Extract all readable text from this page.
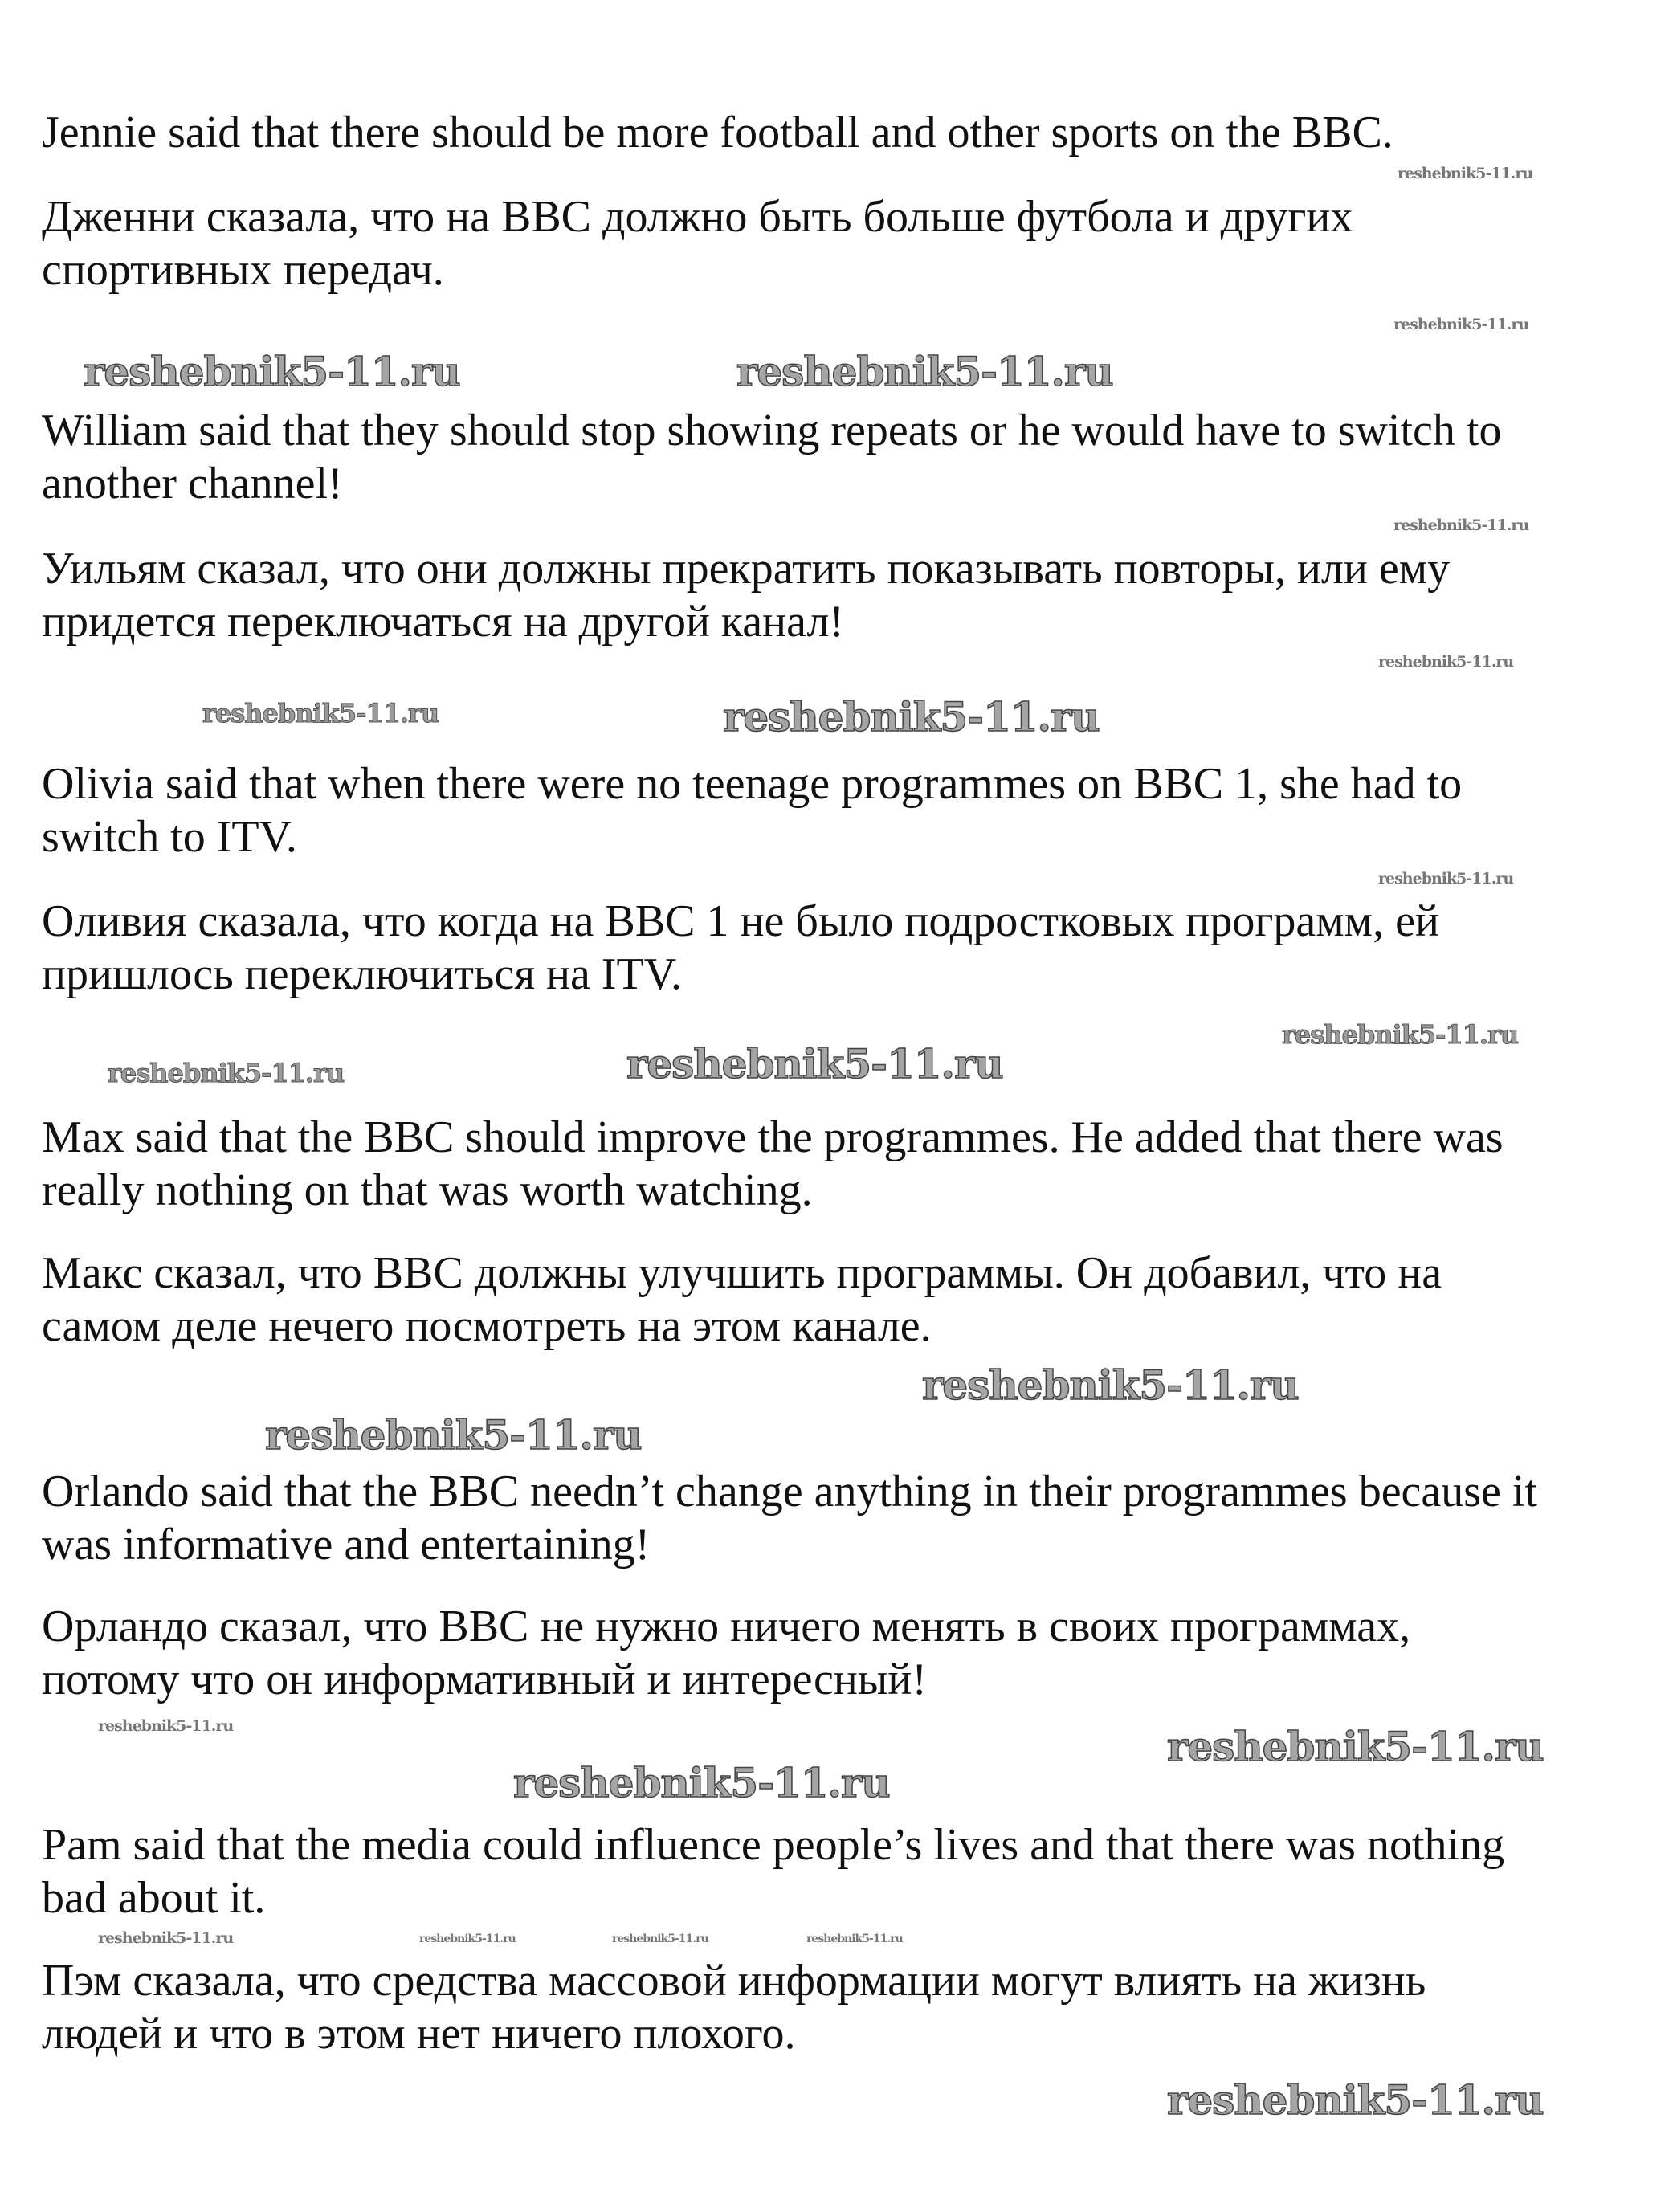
reshebnik5-11.ru
reshebnik5-11.ru
reshebnik5-11.ru
reshebnik5-11.ru
reshebnik5-11.ru
reshebnik5-11.ru
reshebnik5-11.ru	reshebnik5-11.ru	reshebnik5-11.ru	reshebnik5-11.ru
reshebnik5-11.ru
reshebnik5-11.ru
reshebnik5-11.ru
reshebnik5-11.ru	reshebnik5-11.ru
reshebnik5-11.ru
reshebnik5-11.ru
reshebnik5-11.ru
reshebnik5-11.ru
reshebnik5-11.ru
reshebnik5-11.ru
reshebnik5-11.ru
Jennie said that there should be more football and other sports on the BBC.
Дженни сказала, что на BBC должно быть больше футбола и других
спортивных передач.
William said that they should stop showing repeats or he would have to switch to
another channel!
Уильям сказал, что они должны прекратить показывать повторы, или ему
придется переключаться на другой канал!
Olivia said that when there were no teenage programmes on BBC 1, she had to
switch to ITV.
Оливия сказала, что когда на BBC 1 не было подростковых программ, ей
пришлось переключиться на ITV.
Max said that the BBC should improve the programmes. He added that there was
really nothing on that was worth watching.
Макс сказал, что BBC должны улучшить программы. Он добавил, что на
самом деле нечего посмотреть на этом канале.
Orlando said that the BBC needn’t change anything in their programmes because it
was informative and entertaining!
Орландо сказал, что BBC не нужно ничего менять в своих программах,
потому что он информативный и интересный!
Pam said that the media could influence people’s lives and that there was nothing
bad about it.
Пэм сказала, что средства массовой информации могут влиять на жизнь
людей и что в этом нет ничего плохого.
